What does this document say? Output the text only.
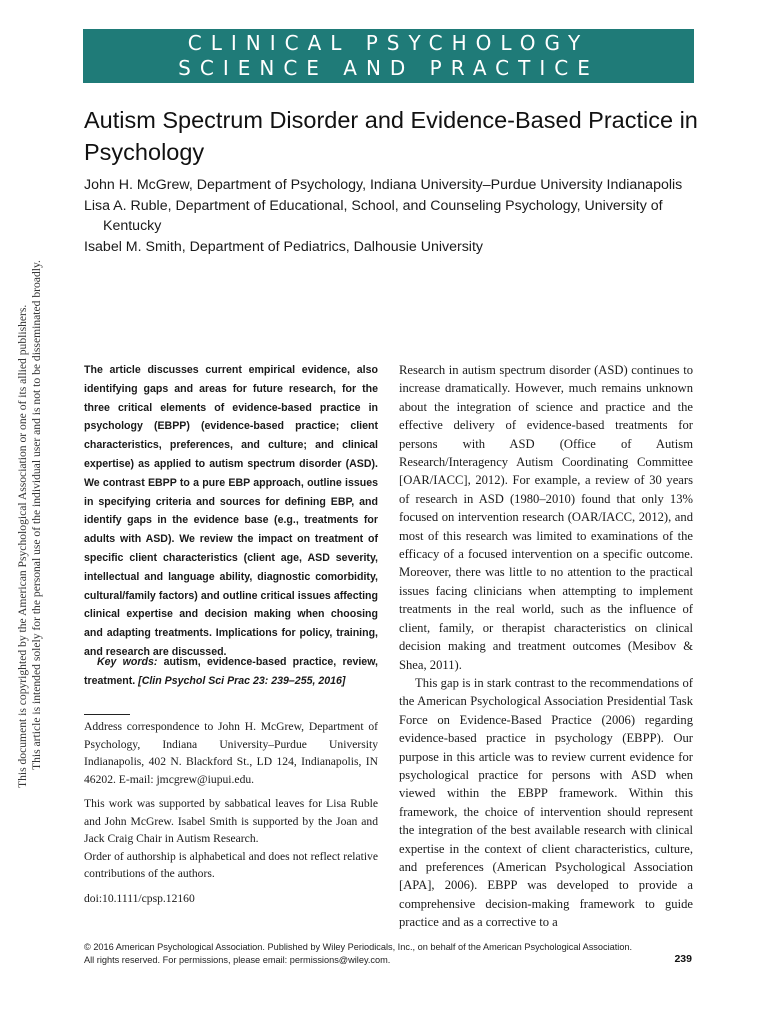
CLINICAL PSYCHOLOGY
SCIENCE AND PRACTICE
This document is copyrighted by the American Psychological Association or one of its allied publishers. This article is intended solely for the personal use of the individual user and is not to be disseminated broadly.
Autism Spectrum Disorder and Evidence-Based Practice in Psychology
John H. McGrew, Department of Psychology, Indiana University–Purdue University Indianapolis
Lisa A. Ruble, Department of Educational, School, and Counseling Psychology, University of
Kentucky
Isabel M. Smith, Department of Pediatrics, Dalhousie University
The article discusses current empirical evidence, also identifying gaps and areas for future research, for the three critical elements of evidence-based practice in psychology (EBPP) (evidence-based practice; client characteristics, preferences, and culture; and clinical expertise) as applied to autism spectrum disorder (ASD). We contrast EBPP to a pure EBP approach, outline issues in specifying criteria and sources for defining EBP, and identify gaps in the evidence base (e.g., treatments for adults with ASD). We review the impact on treatment of specific client characteristics (client age, ASD severity, intellectual and language ability, diagnostic comorbidity, cultural/family factors) and outline critical issues affecting clinical expertise and decision making when choosing and adapting treatments. Implications for policy, training, and research are discussed.
Key words: autism, evidence-based practice, review, treatment. [Clin Psychol Sci Prac 23: 239–255, 2016]

Address correspondence to John H. McGrew, Department of Psychology, Indiana University–Purdue University Indianapolis, 402 N. Blackford St., LD 124, Indianapolis, IN 46202. E-mail: jmcgrew@iupui.edu.

This work was supported by sabbatical leaves for Lisa Ruble and John McGrew. Isabel Smith is supported by the Joan and Jack Craig Chair in Autism Research.

Order of authorship is alphabetical and does not reflect relative contributions of the authors.

doi:10.1111/cpsp.12160

Research in autism spectrum disorder (ASD) continues to increase dramatically. However, much remains unknown about the integration of science and practice and the effective delivery of evidence-based treatments for persons with ASD (Office of Autism Research/Interagency Autism Coordinating Committee [OAR/IACC], 2012). For example, a review of 30 years of research in ASD (1980–2010) found that only 13% focused on intervention research (OAR/IACC, 2012), and most of this research was limited to examinations of the efficacy of a focused intervention on a specific outcome. Moreover, there was little to no attention to the practical issues facing clinicians when attempting to implement treatments in the real world, such as the influence of client, family, or therapist characteristics on clinical decision making and treatment outcomes (Mesibov & Shea, 2011).

This gap is in stark contrast to the recommendations of the American Psychological Association Presidential Task Force on Evidence-Based Practice (2006) regarding evidence-based practice in psychology (EBPP). Our purpose in this article was to review current evidence for psychological practice for persons with ASD when viewed within the EBPP framework. Within this framework, the choice of intervention should represent the integration of the best available research with clinical expertise in the context of client characteristics, culture, and preferences (American Psychological Association [APA], 2006). EBPP was developed to provide a comprehensive decision-making framework to guide practice and as a corrective to a

© 2016 American Psychological Association. Published by Wiley Periodicals, Inc., on behalf of the American Psychological Association.
All rights reserved. For permissions, please email: permissions@wiley.com.	239
